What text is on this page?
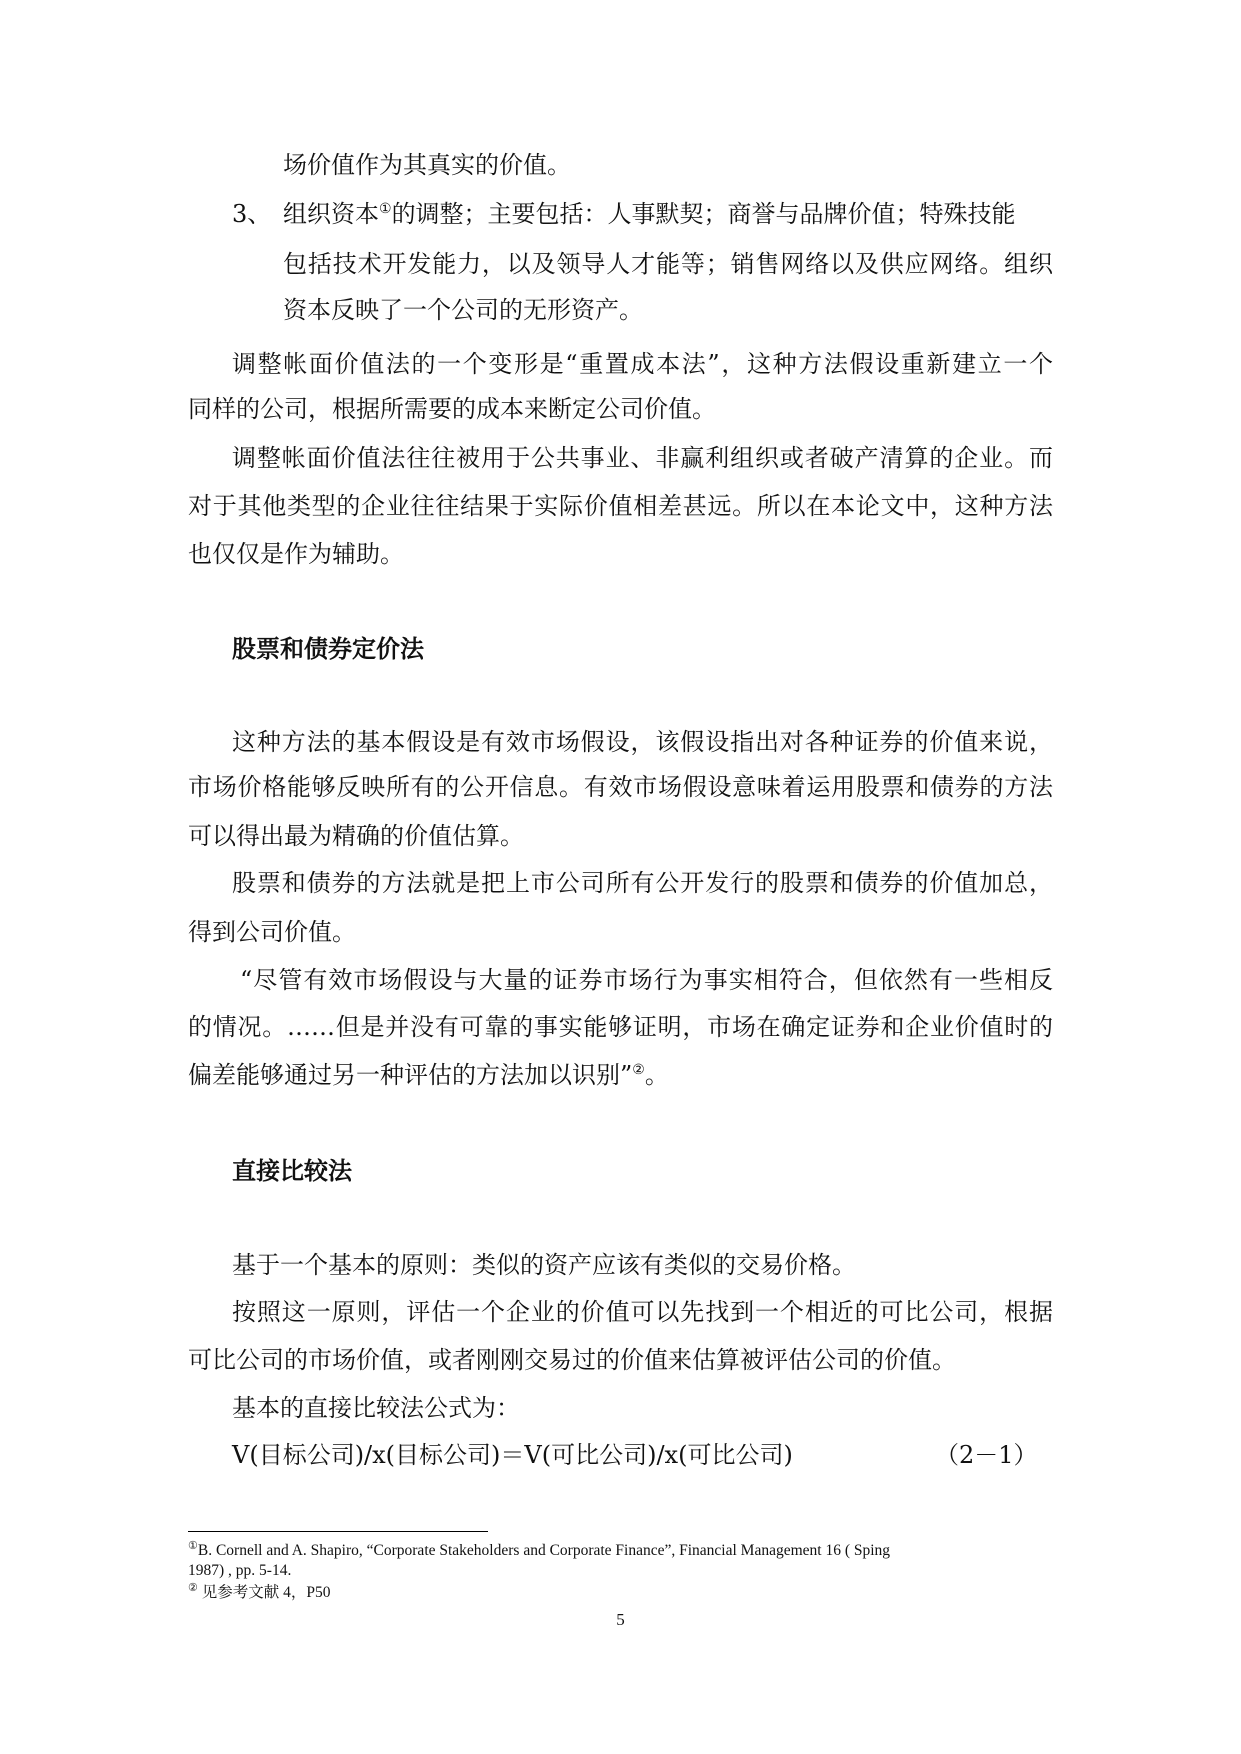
场价值作为其真实的价值。
3、 组织资本①的调整；主要包括：人事默契；商誉与品牌价值；特殊技能
包括技术开发能力，以及领导人才能等；销售网络以及供应网络。组织
资本反映了一个公司的无形资产。
调整帐面价值法的一个变形是“重置成本法”，这种方法假设重新建立一个
同样的公司，根据所需要的成本来断定公司价值。
调整帐面价值法往往被用于公共事业、非赢利组织或者破产清算的企业。而
对于其他类型的企业往往结果于实际价值相差甚远。所以在本论文中，这种方法
也仅仅是作为辅助。
股票和债券定价法
这种方法的基本假设是有效市场假设，该假设指出对各种证券的价值来说，
市场价格能够反映所有的公开信息。有效市场假设意味着运用股票和债券的方法
可以得出最为精确的价值估算。
股票和债券的方法就是把上市公司所有公开发行的股票和债券的价值加总，
得到公司价值。
“尽管有效市场假设与大量的证券市场行为事实相符合，但依然有一些相反
的情况。……但是并没有可靠的事实能够证明，市场在确定证券和企业价值时的
偏差能够通过另一种评估的方法加以识别”②。
直接比较法
基于一个基本的原则：类似的资产应该有类似的交易价格。
按照这一原则，评估一个企业的价值可以先找到一个相近的可比公司，根据
可比公司的市场价值，或者刚刚交易过的价值来估算被评估公司的价值。
基本的直接比较法公式为：
V(目标公司)/x(目标公司)＝V(可比公司)/x(可比公司)	（2－1）
①B. Cornell and A. Shapiro, “Corporate Stakeholders and Corporate Finance”, Financial Management 16 ( Sping
1987) , pp. 5-14.
② 见参考文献 4，P50
5
